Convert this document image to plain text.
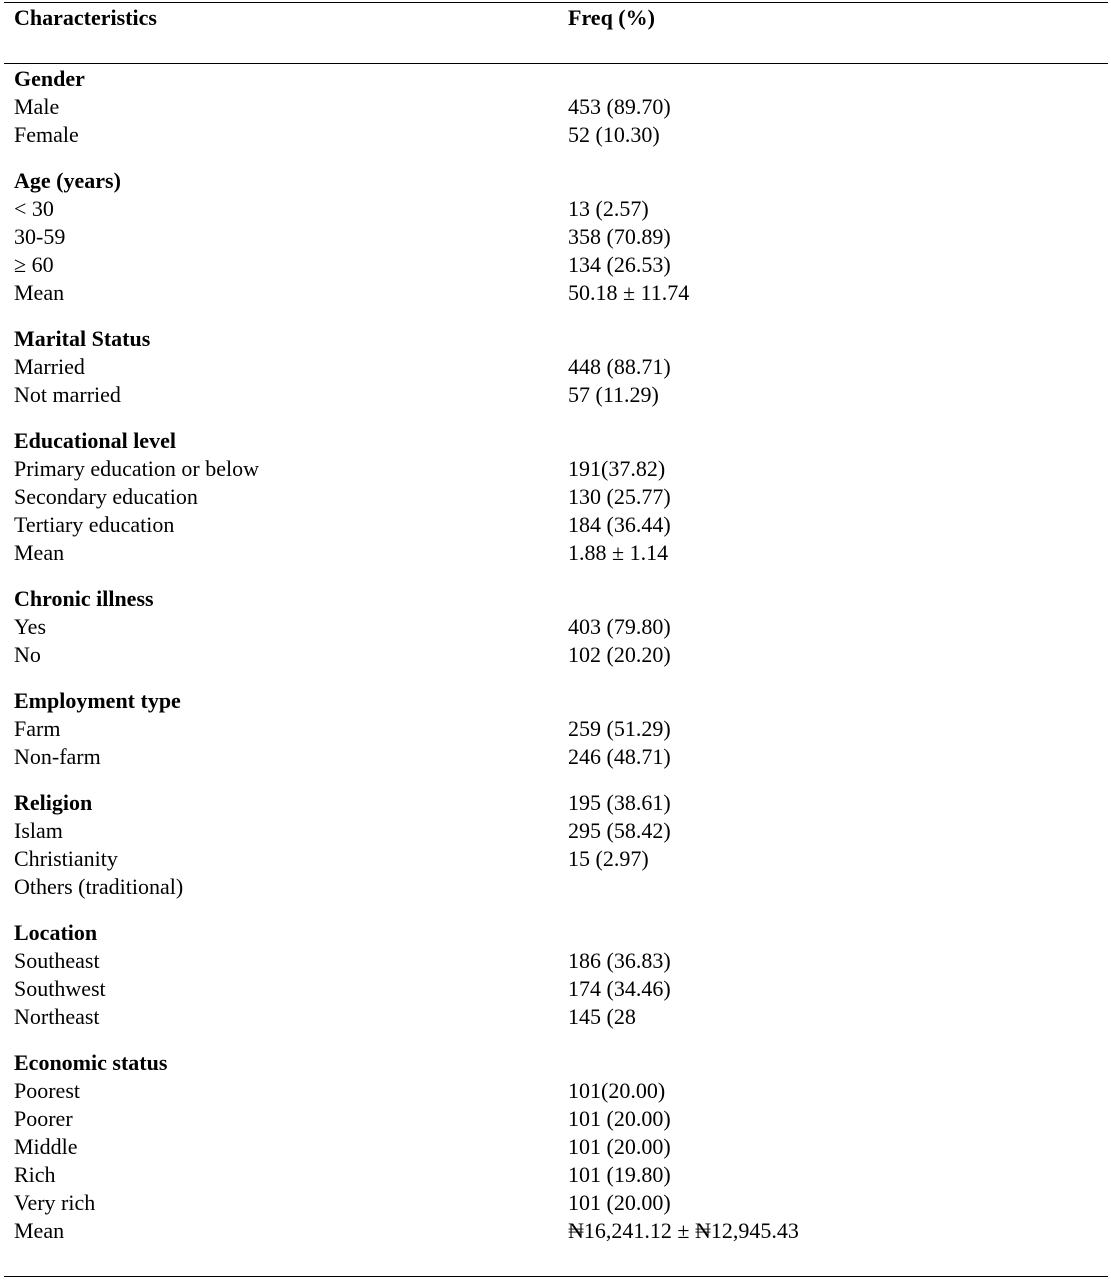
Characteristics	Freq (%)
Gender
Male	453 (89.70)
Female	52 (10.30)
Age (years)
< 30	13 (2.57)
30-59	358 (70.89)
≥ 60	134 (26.53)
Mean	50.18 ± 11.74
Marital Status
Married	448 (88.71)
Not married	57 (11.29)
Educational level
Primary education or below	191(37.82)
Secondary education	130 (25.77)
Tertiary education	184 (36.44)
Mean	1.88 ± 1.14
Chronic illness
Yes	403 (79.80)
No	102 (20.20)
Employment type
Farm	259 (51.29)
Non-farm	246 (48.71)
Religion	195 (38.61)
Islam	295 (58.42)
Christianity	15 (2.97)
Others (traditional)
Location
Southeast	186 (36.83)
Southwest	174 (34.46)
Northeast	145 (28
Economic status
Poorest	101(20.00)
Poorer	101 (20.00)
Middle	101 (20.00)
Rich	101 (19.80)
Very rich	101 (20.00)
Mean	₦16,241.12 ± ₦12,945.43
